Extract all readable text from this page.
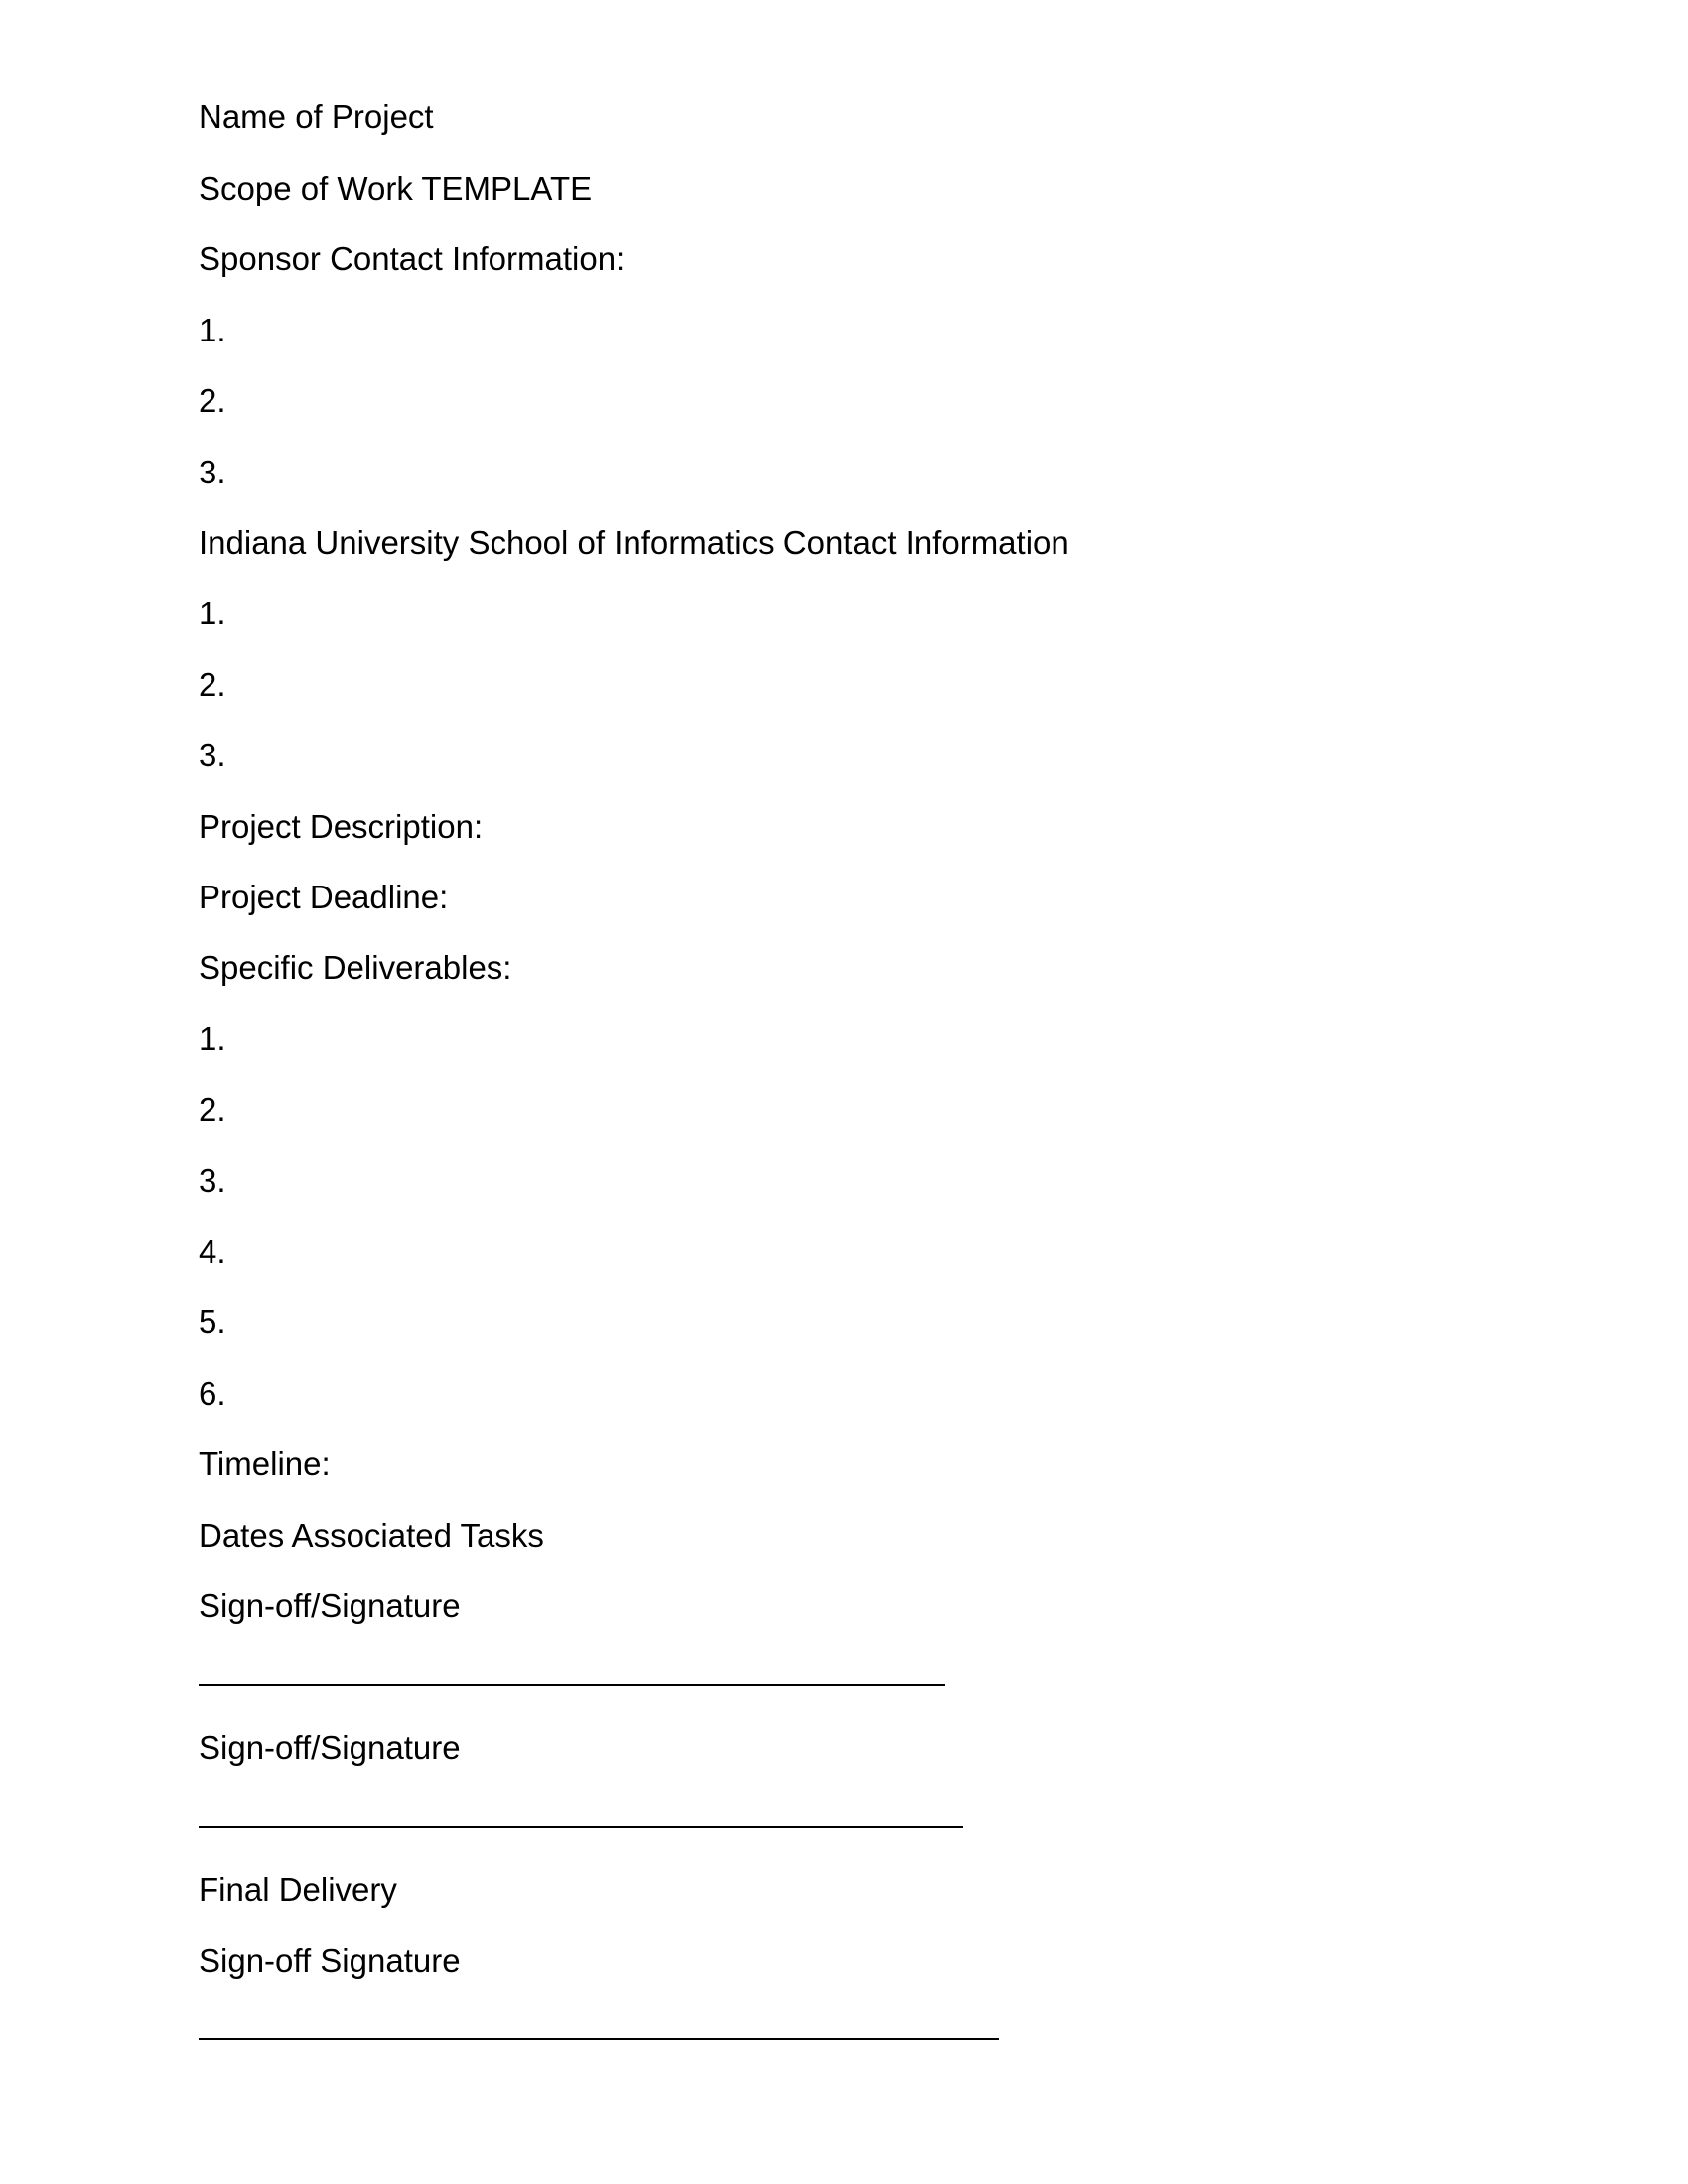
Name of Project
Scope of Work TEMPLATE
Sponsor Contact Information:
1.
2.
3.
Indiana University School of Informatics Contact Information
1.
2.
3.
Project Description:
Project Deadline:
Specific Deliverables:
1.
2.
3.
4.
5.
6.
Timeline:
Dates Associated Tasks
Sign-off/Signature
Sign-off/Signature
Final Delivery
Sign-off Signature
